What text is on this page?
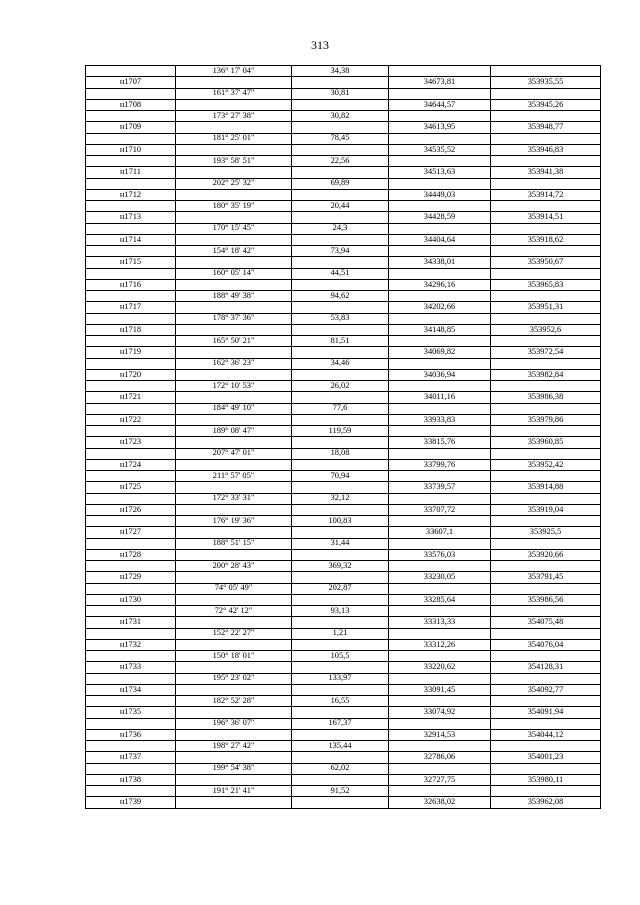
313
	136° 17' 04"	34,38		
н1707			34673,81	353935,55
	161° 37' 47"	30,81		
н1708			34644,57	353945,26
	173° 27' 38"	30,82		
н1709			34613,95	353948,77
	181° 25' 01"	78,45		
н1710			34535,52	353946,83
	193° 58' 51"	22,56		
н1711			34513,63	353941,38
	202° 25' 32"	69,89		
н1712			34449,03	353914,72
	180° 35' 19"	20,44		
н1713			34428,59	353914,51
	170° 15' 45"	24,3		
н1714			34404,64	353918,62
	154° 18' 42"	73,94		
н1715			34338,01	353950,67
	160° 05' 14"	44,51		
н1716			34296,16	353965,83
	188° 49' 38"	94,62		
н1717			34202,66	353951,31
	178° 37' 36"	53,83		
н1718			34148,85	353952,6
	165° 50' 21"	81,51		
н1719			34069,82	353972,54
	162° 36' 23"	34,46		
н1720			34036,94	353982,84
	172° 10' 53"	26,02		
н1721			34011,16	353986,38
	184° 49' 10"	77,6		
н1722			33933,83	353979,86
	189° 08' 47"	119,59		
н1723			33815,76	353960,85
	207° 47' 01"	18,08		
н1724			33799,76	353952,42
	211° 57' 05"	70,94		
н1725			33739,57	353914,88
	172° 33' 31"	32,12		
н1726			33707,72	353919,04
	176° 19' 36"	100,83		
н1727			33607,1	353925,5
	188° 51' 15"	31,44		
н1728			33576,03	353920,66
	200° 28' 43"	369,32		
н1729			33230,05	353791,45
	74° 05' 49"	202,87		
н1730			33285,64	353986,56
	72° 42' 12"	93,13		
н1731			33313,33	354075,48
	152° 22' 27"	1,21		
н1732			33312,26	354076,04
	150° 18' 01"	105,5		
н1733			33220,62	354128,31
	195° 23' 02"	133,97		
н1734			33091,45	354092,77
	182° 52' 28"	16,55		
н1735			33074,92	354091,94
	196° 36' 07"	167,37		
н1736			32914,53	354044,12
	198° 27' 42"	135,44		
н1737			32786,06	354001,23
	199° 54' 38"	62,02		
н1738			32727,75	353980,11
	191° 21' 41"	91,52		
н1739			32638,02	353962,08
